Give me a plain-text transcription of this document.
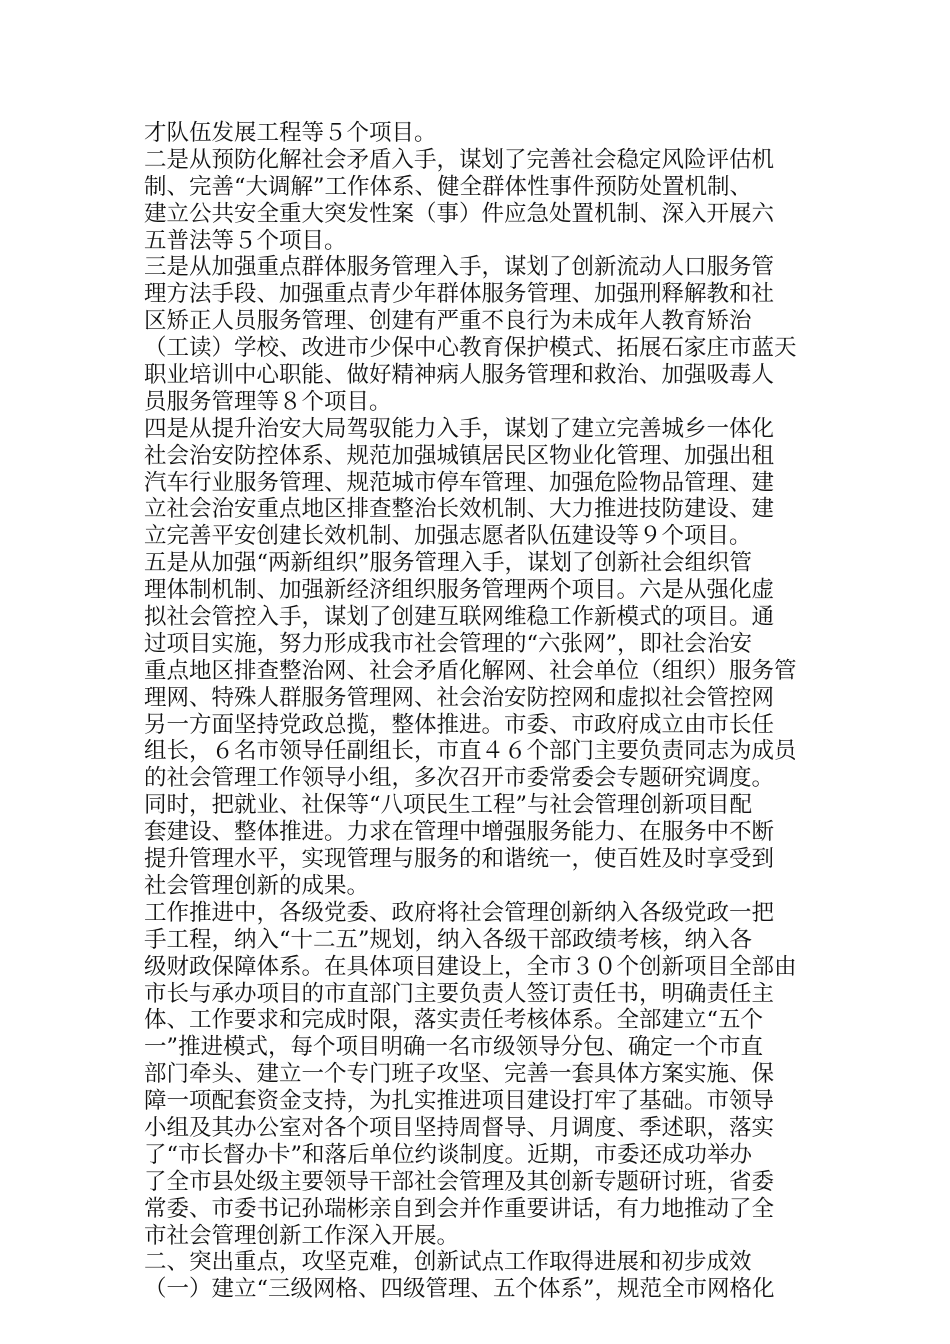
才队伍发展工程等５个项目。
二是从预防化解社会矛盾入手，谋划了完善社会稳定风险评估机
制、完善“大调解”工作体系、健全群体性事件预防处置机制、
建立公共安全重大突发性案（事）件应急处置机制、深入开展六
五普法等５个项目。
三是从加强重点群体服务管理入手，谋划了创新流动人口服务管
理方法手段、加强重点青少年群体服务管理、加强刑释解教和社
区矫正人员服务管理、创建有严重不良行为未成年人教育矫治
（工读）学校、改进市少保中心教育保护模式、拓展石家庄市蓝天
职业培训中心职能、做好精神病人服务管理和救治、加强吸毒人
员服务管理等８个项目。
四是从提升治安大局驾驭能力入手，谋划了建立完善城乡一体化
社会治安防控体系、规范加强城镇居民区物业化管理、加强出租
汽车行业服务管理、规范城市停车管理、加强危险物品管理、建
立社会治安重点地区排查整治长效机制、大力推进技防建设、建
立完善平安创建长效机制、加强志愿者队伍建设等９个项目。
五是从加强“两新组织”服务管理入手，谋划了创新社会组织管
理体制机制、加强新经济组织服务管理两个项目。六是从强化虚
拟社会管控入手，谋划了创建互联网维稳工作新模式的项目。通
过项目实施，努力形成我市社会管理的“六张网”，即社会治安
重点地区排查整治网、社会矛盾化解网、社会单位（组织）服务管
理网、特殊人群服务管理网、社会治安防控网和虚拟社会管控网
另一方面坚持党政总揽，整体推进。市委、市政府成立由市长任
组长，６名市领导任副组长，市直４６个部门主要负责同志为成员
的社会管理工作领导小组，多次召开市委常委会专题研究调度。
同时，把就业、社保等“八项民生工程”与社会管理创新项目配
套建设、整体推进。力求在管理中增强服务能力、在服务中不断
提升管理水平，实现管理与服务的和谐统一，使百姓及时享受到
社会管理创新的成果。
工作推进中，各级党委、政府将社会管理创新纳入各级党政一把
手工程，纳入“十二五”规划，纳入各级干部政绩考核，纳入各
级财政保障体系。在具体项目建设上，全市３０个创新项目全部由
市长与承办项目的市直部门主要负责人签订责任书，明确责任主
体、工作要求和完成时限，落实责任考核体系。全部建立“五个
一”推进模式，每个项目明确一名市级领导分包、确定一个市直
部门牵头、建立一个专门班子攻坚、完善一套具体方案实施、保
障一项配套资金支持，为扎实推进项目建设打牢了基础。市领导
小组及其办公室对各个项目坚持周督导、月调度、季述职，落实
了“市长督办卡”和落后单位约谈制度。近期，市委还成功举办
了全市县处级主要领导干部社会管理及其创新专题研讨班，省委
常委、市委书记孙瑞彬亲自到会并作重要讲话，有力地推动了全
市社会管理创新工作深入开展。
二、突出重点，攻坚克难，创新试点工作取得进展和初步成效
（一）建立“三级网格、四级管理、五个体系”，规范全市网格化
